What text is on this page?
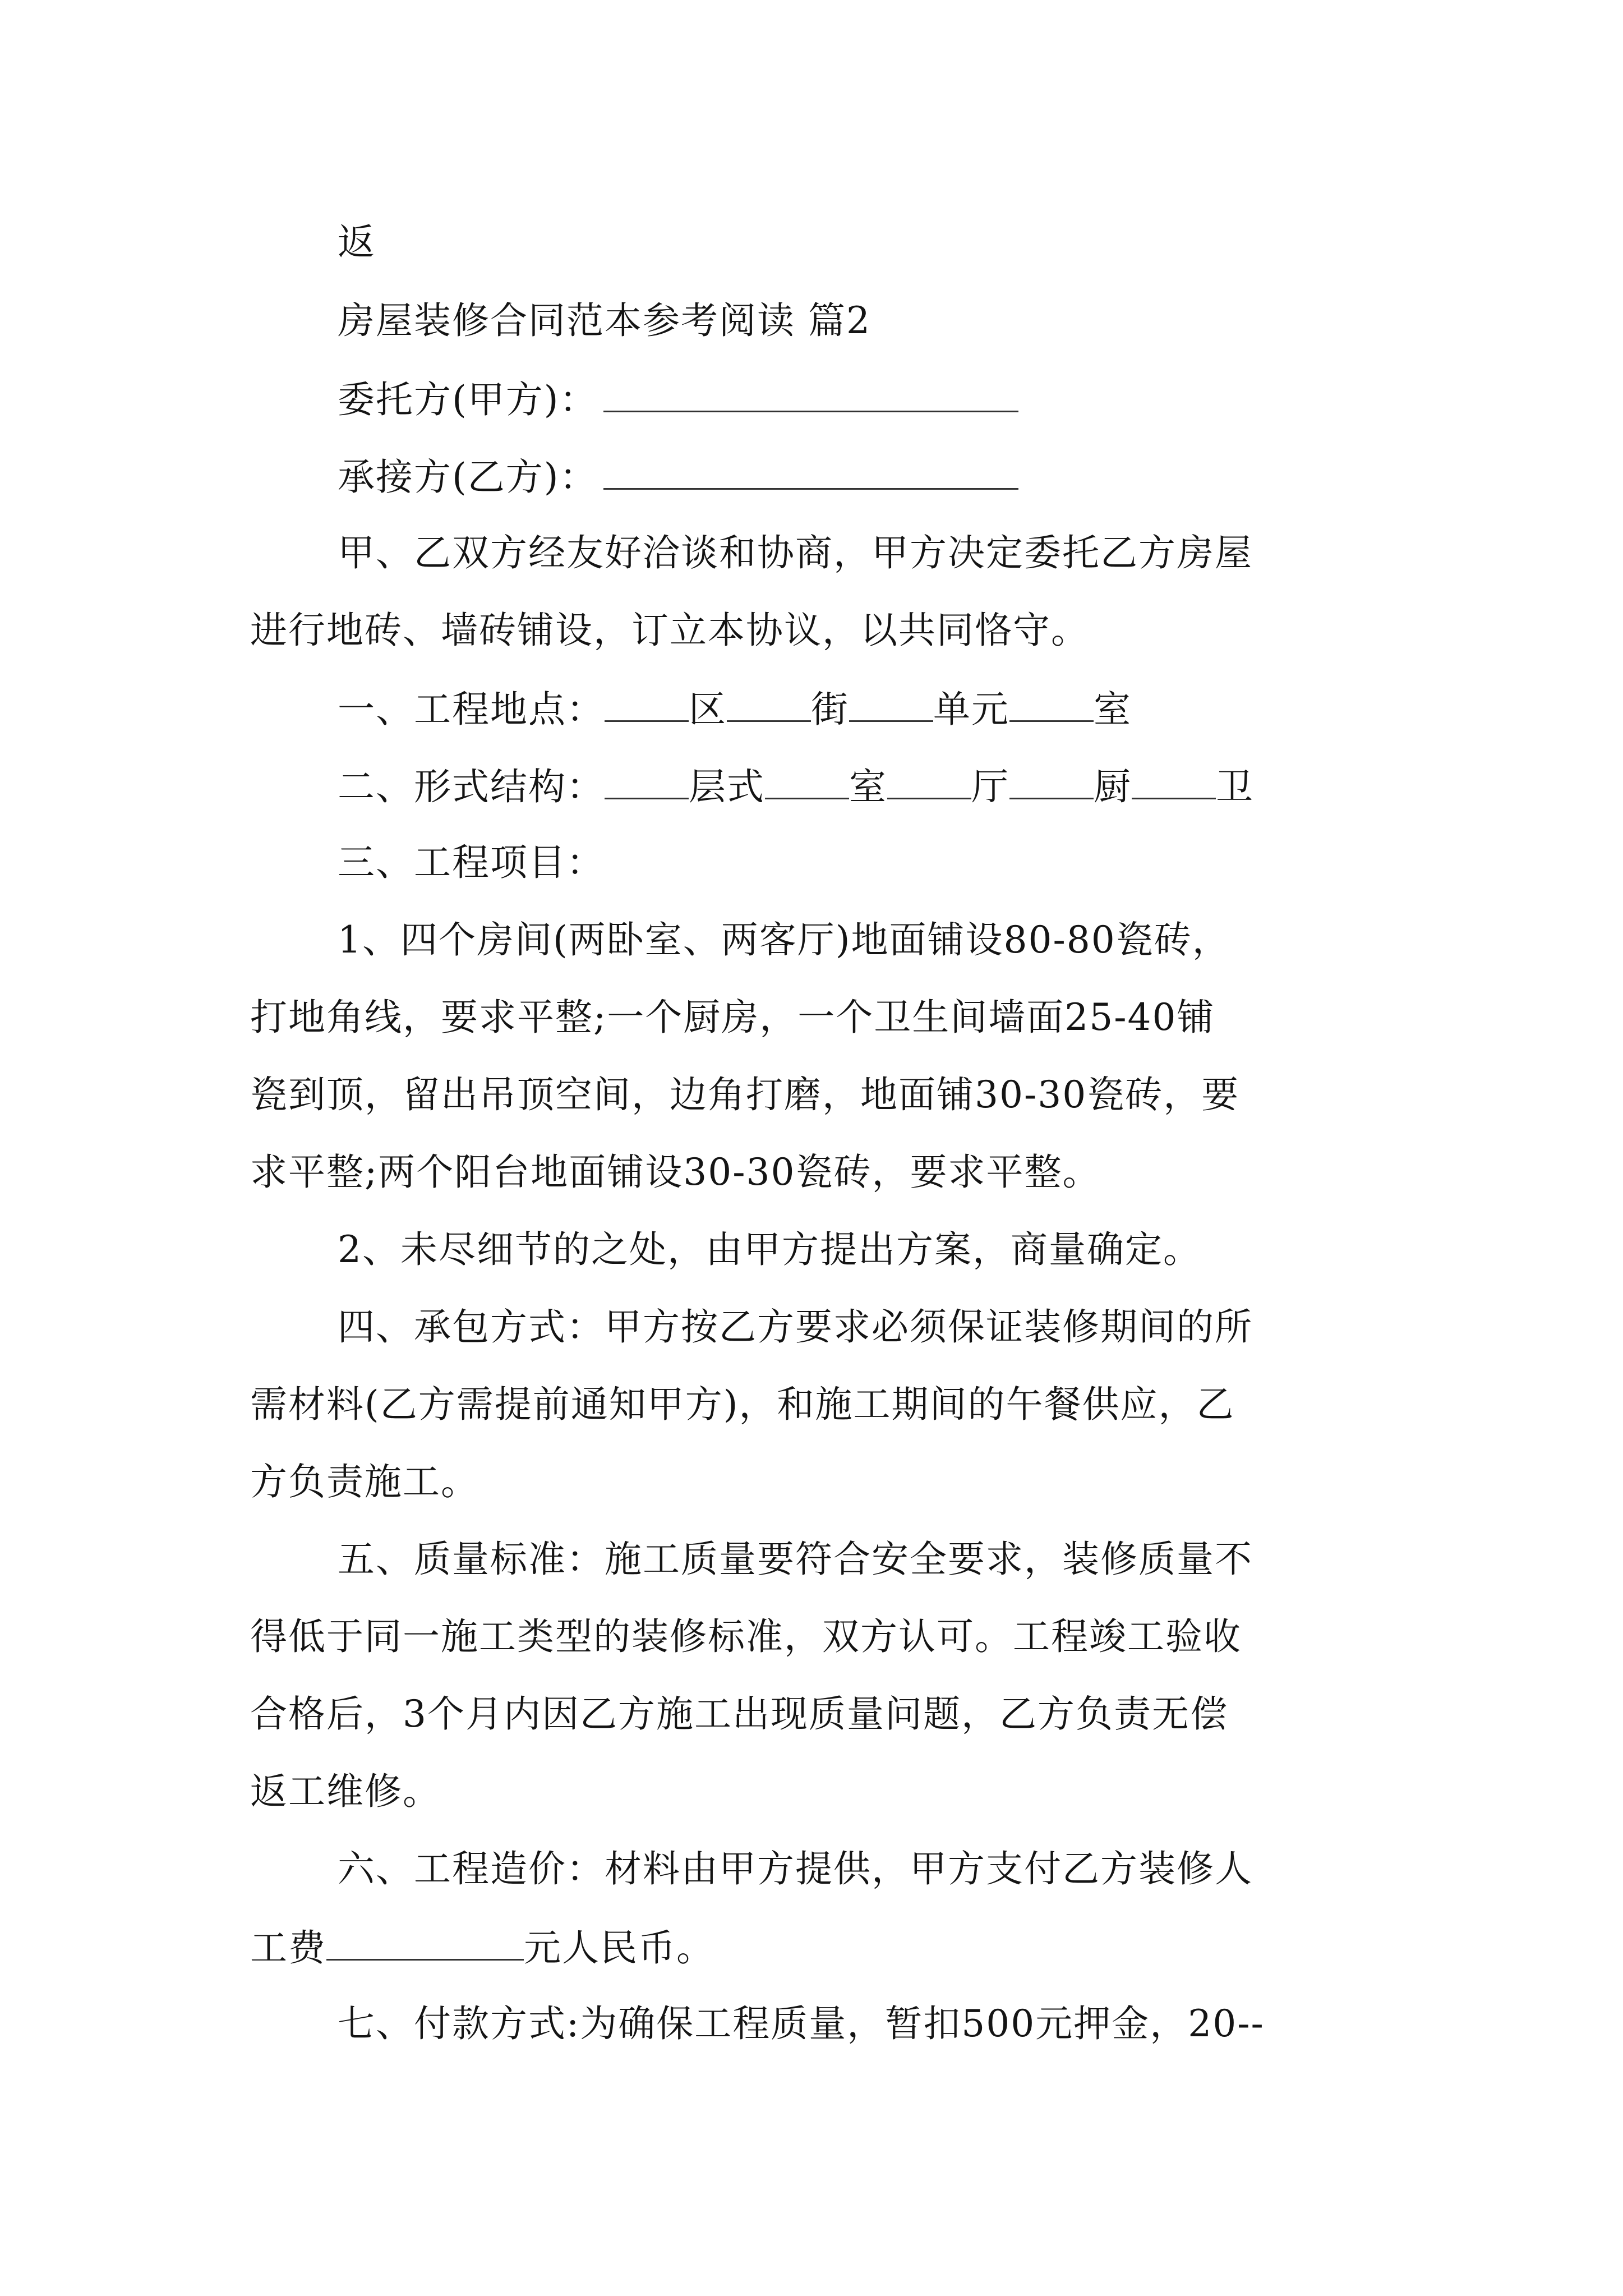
返
房屋装修合同范本参考阅读 篇2
委托方(甲方)：
承接方(乙方)：
甲、乙双方经友好洽谈和协商，甲方决定委托乙方房屋
进行地砖、墙砖铺设，订立本协议，以共同恪守。
一、工程地点： 区 街 单元 室
二、形式结构： 层式 室 厅 厨 卫
三、工程项目：
1、四个房间(两卧室、两客厅)地面铺设80-80瓷砖，
打地角线，要求平整;一个厨房，一个卫生间墙面25-40铺
瓷到顶，留出吊顶空间，边角打磨，地面铺30-30瓷砖，要
求平整;两个阳台地面铺设30-30瓷砖，要求平整。
2、未尽细节的之处，由甲方提出方案，商量确定。
四、承包方式：甲方按乙方要求必须保证装修期间的所
需材料(乙方需提前通知甲方)，和施工期间的午餐供应，乙
方负责施工。
五、质量标准：施工质量要符合安全要求，装修质量不
得低于同一施工类型的装修标准，双方认可。工程竣工验收
合格后，3个月内因乙方施工出现质量问题，乙方负责无偿
返工维修。
六、工程造价：材料由甲方提供，甲方支付乙方装修人
工费	元人民币。
七、付款方式:为确保工程质量，暂扣500元押金，20--
